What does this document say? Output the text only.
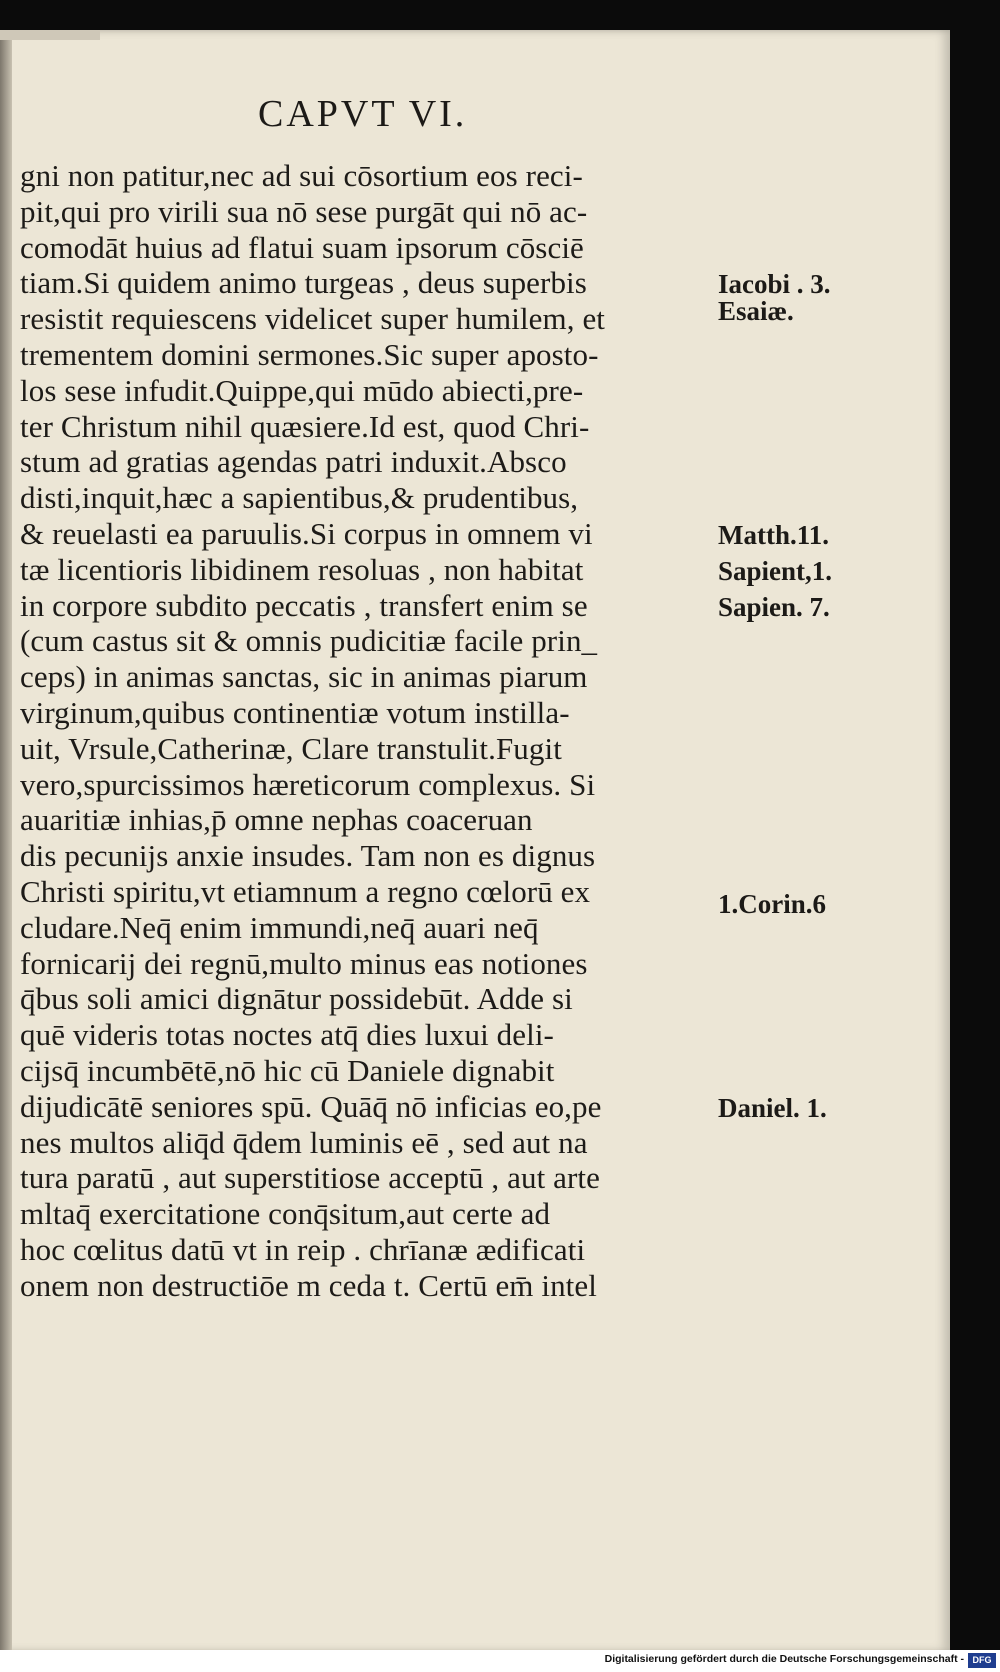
CAPVT VI.
gni non patitur,nec ad sui cōsortium eos reci-
pit,qui pro virili sua nō sese purgāt qui nō ac-
comodāt huius ad flatui suam ipsorum cōsciē
tiam.Si quidem animo turgeas , deus superbis
resistit requiescens videlicet super humilem, et
trementem domini sermones.Sic super aposto-
los sese infudit.Quippe,qui mūdo abiecti,pre-
ter Christum nihil quæsiere.Id est, quod Chri-
stum ad gratias agendas patri induxit.Absco
disti,inquit,hæc a sapientibus,& prudentibus,
& reuelasti ea paruulis.Si corpus in omnem vi
tæ licentioris libidinem resoluas , non habitat
in corpore subdito peccatis , transfert enim se
(cum castus sit & omnis pudicitiæ facile prin_
ceps) in animas sanctas, sic in animas piarum
virginum,quibus continentiæ votum instilla-
uit, Vrsule,Catherinæ, Clare transtulit.Fugit
vero,spurcissimos hæreticorum complexus. Si
auaritiæ inhias,p̄ omne nephas coaceruan
dis pecunijs anxie insudes. Tam non es dignus
Christi spiritu,vt etiamnum a regno cœlorū ex
cludare.Neq̄ enim immundi,neq̄ auari neq̄
fornicarij dei regnū,multo minus eas notiones
q̄bus soli amici dignātur possidebūt. Adde si
quē videris totas noctes atq̄ dies luxui deli-
cijsq̄ incumbētē,nō hic cū Daniele dignabit
dijudicātē seniores spū. Quāq̄ nō inficias eo,pe
nes multos aliq̄d q̄dem luminis eē , sed aut na
tura paratū , aut superstitiose acceptū , aut arte
mltaq̄ exercitatione conq̄situm,aut certe ad
hoc cœlitus datū vt in reip . chrīanæ ædificati
onem non destructiōe m ceda t. Certū em̄ intel
Iacobi . 3.
Esaiæ.
Matth.11.
Sapient,1.
Sapien. 7.
1.Corin.6
Daniel. 1.
Digitalisierung gefördert durch die Deutsche Forschungsgemeinschaft - DFG
